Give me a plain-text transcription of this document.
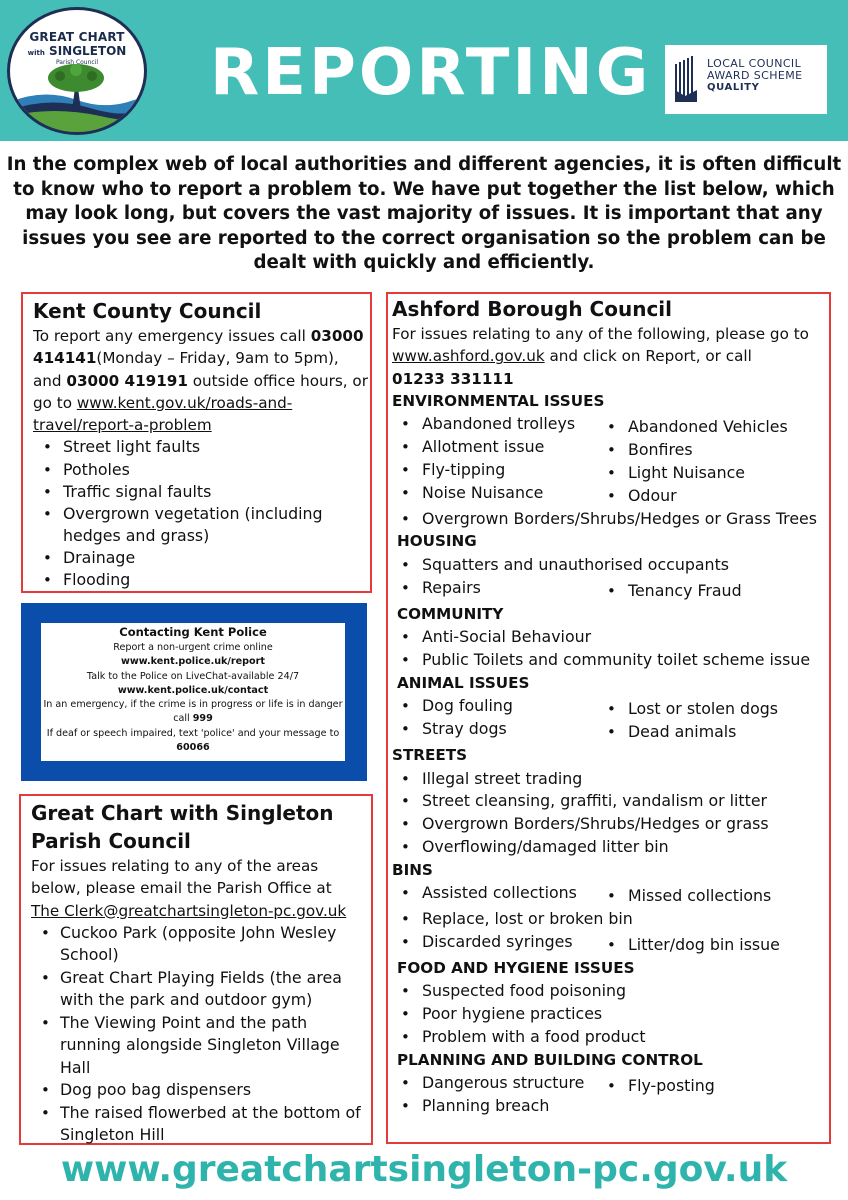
GREAT CHART
with SINGLETON
Parish Council	REPORTING	LOCAL COUNCIL
AWARD SCHEME
QUALITY

In the complex web of local authorities and different agencies, it is often difficult to know who to report a problem to. We have put together the list below, which may look long, but covers the vast majority of issues. It is important that any issues you see are reported to the correct organisation so the problem can be dealt with quickly and efficiently.

Kent County Council

To report any emergency issues call 03000 414141(Monday – Friday, 9am to 5pm), and 03000 419191 outside office hours, or go to www.kent.gov.uk/roads-and-travel/report-a-problem

• Street light faults
• Potholes
• Traffic signal faults
• Overgrown vegetation (including hedges and grass)
• Drainage
• Flooding

Contacting Kent Police

Report a non-urgent crime online

www.kent.police.uk/report

Talk to the Police on LiveChat-available 24/7

www.kent.police.uk/contact

In an emergency, if the crime is in progress or life is in danger call 999

If deaf or speech impaired, text 'police' and your message to 60066

Great Chart with Singleton Parish Council

For issues relating to any of the areas below, please email the Parish Office at

The Clerk@greatchartsingleton-pc.gov.uk

• Cuckoo Park (opposite John Wesley School)
• Great Chart Playing Fields (the area with the park and outdoor gym)
• The Viewing Point and the path running alongside Singleton Village Hall
• Dog poo bag dispensers
• The raised flowerbed at the bottom of Singleton Hill

Ashford Borough Council

For issues relating to any of the following, please go to www.ashford.gov.uk and click on Report, or call

01233 331111

ENVIRONMENTAL ISSUES

• Abandoned trolleys
• Allotment issue
• Fly-tipping
• Noise Nuisance
• Abandoned Vehicles
• Bonfires
• Light Nuisance
• Odour
• Overgrown Borders/Shrubs/Hedges or Grass Trees

HOUSING

• Squatters and unauthorised occupants
• Repairs	• Tenancy Fraud

COMMUNITY

• Anti-Social Behaviour
• Public Toilets and community toilet scheme issue

ANIMAL ISSUES

• Dog fouling
• Stray dogs
• Lost or stolen dogs
• Dead animals

STREETS

• Illegal street trading
• Street cleansing, graffiti, vandalism or litter
• Overgrown Borders/Shrubs/Hedges or grass
• Overflowing/damaged litter bin

BINS

• Assisted collections	• Missed collections
• Replace, lost or broken bin
• Discarded syringes	• Litter/dog bin issue

FOOD AND HYGIENE ISSUES

• Suspected food poisoning
• Poor hygiene practices
• Problem with a food product

PLANNING AND BUILDING CONTROL

• Dangerous structure
• Planning breach
• Fly-posting
www.greatchartsingleton-pc.gov.uk
